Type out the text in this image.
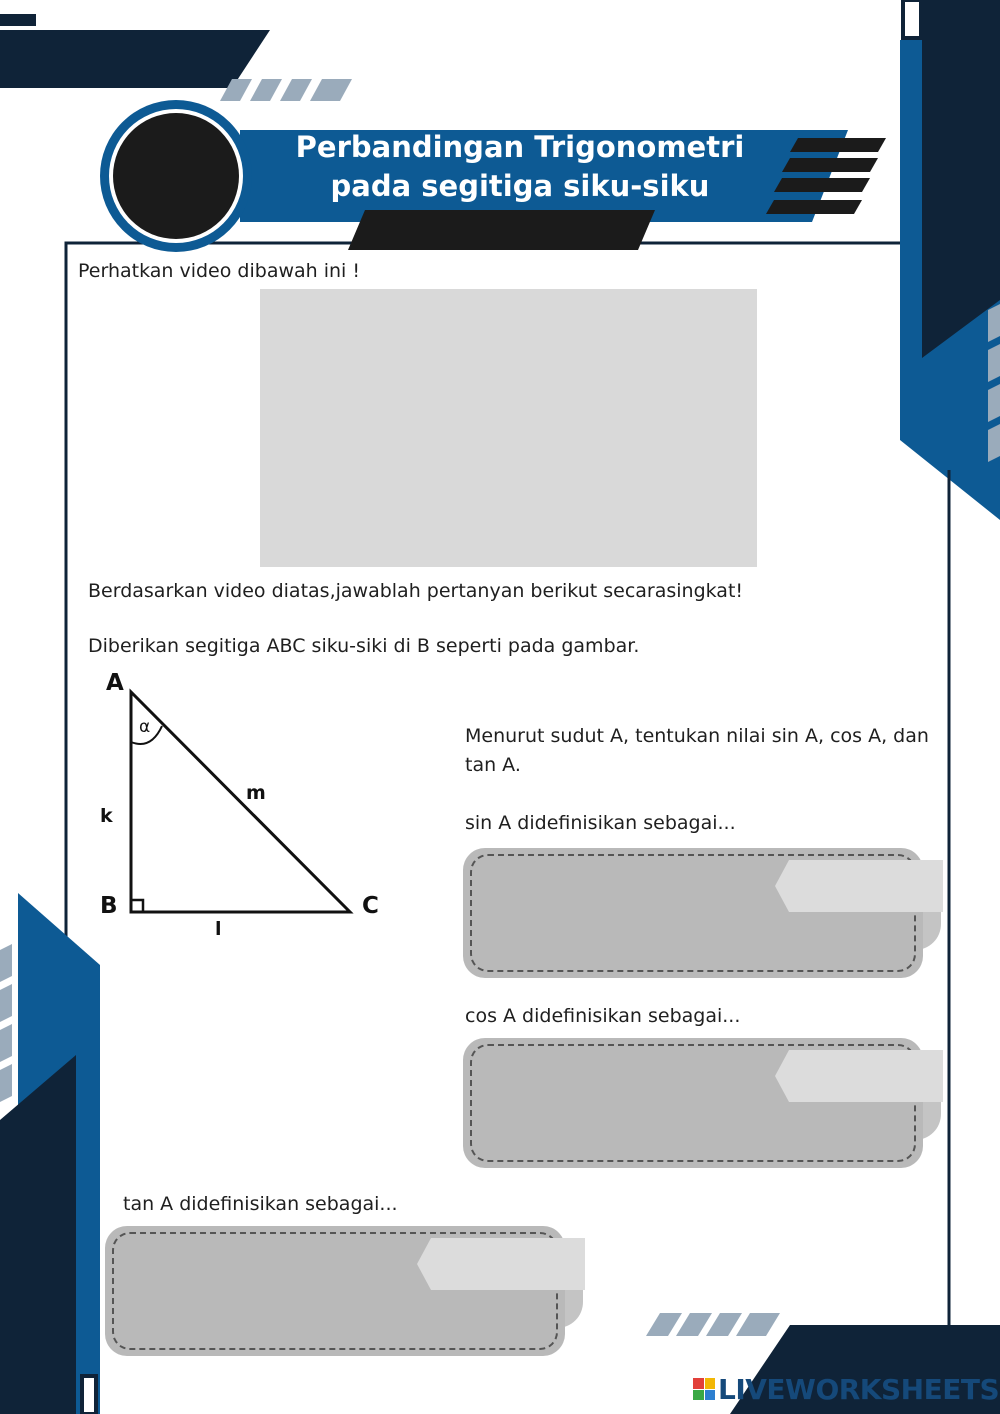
Perbandingan Trigonometri
pada segitiga siku-siku
Perhatkan video dibawah ini !
Berdasarkan video diatas,jawablah pertanyan berikut secarasingkat!
Diberikan segitiga ABC siku-siki di B seperti pada gambar.
A
B	C
α
k
m
l
Menurut sudut A, tentukan nilai sin A, cos A, dan tan A.
sin A didefinisikan sebagai...
cos A didefinisikan sebagai...
tan A didefinisikan sebagai...
LIVEWORKSHEETS
